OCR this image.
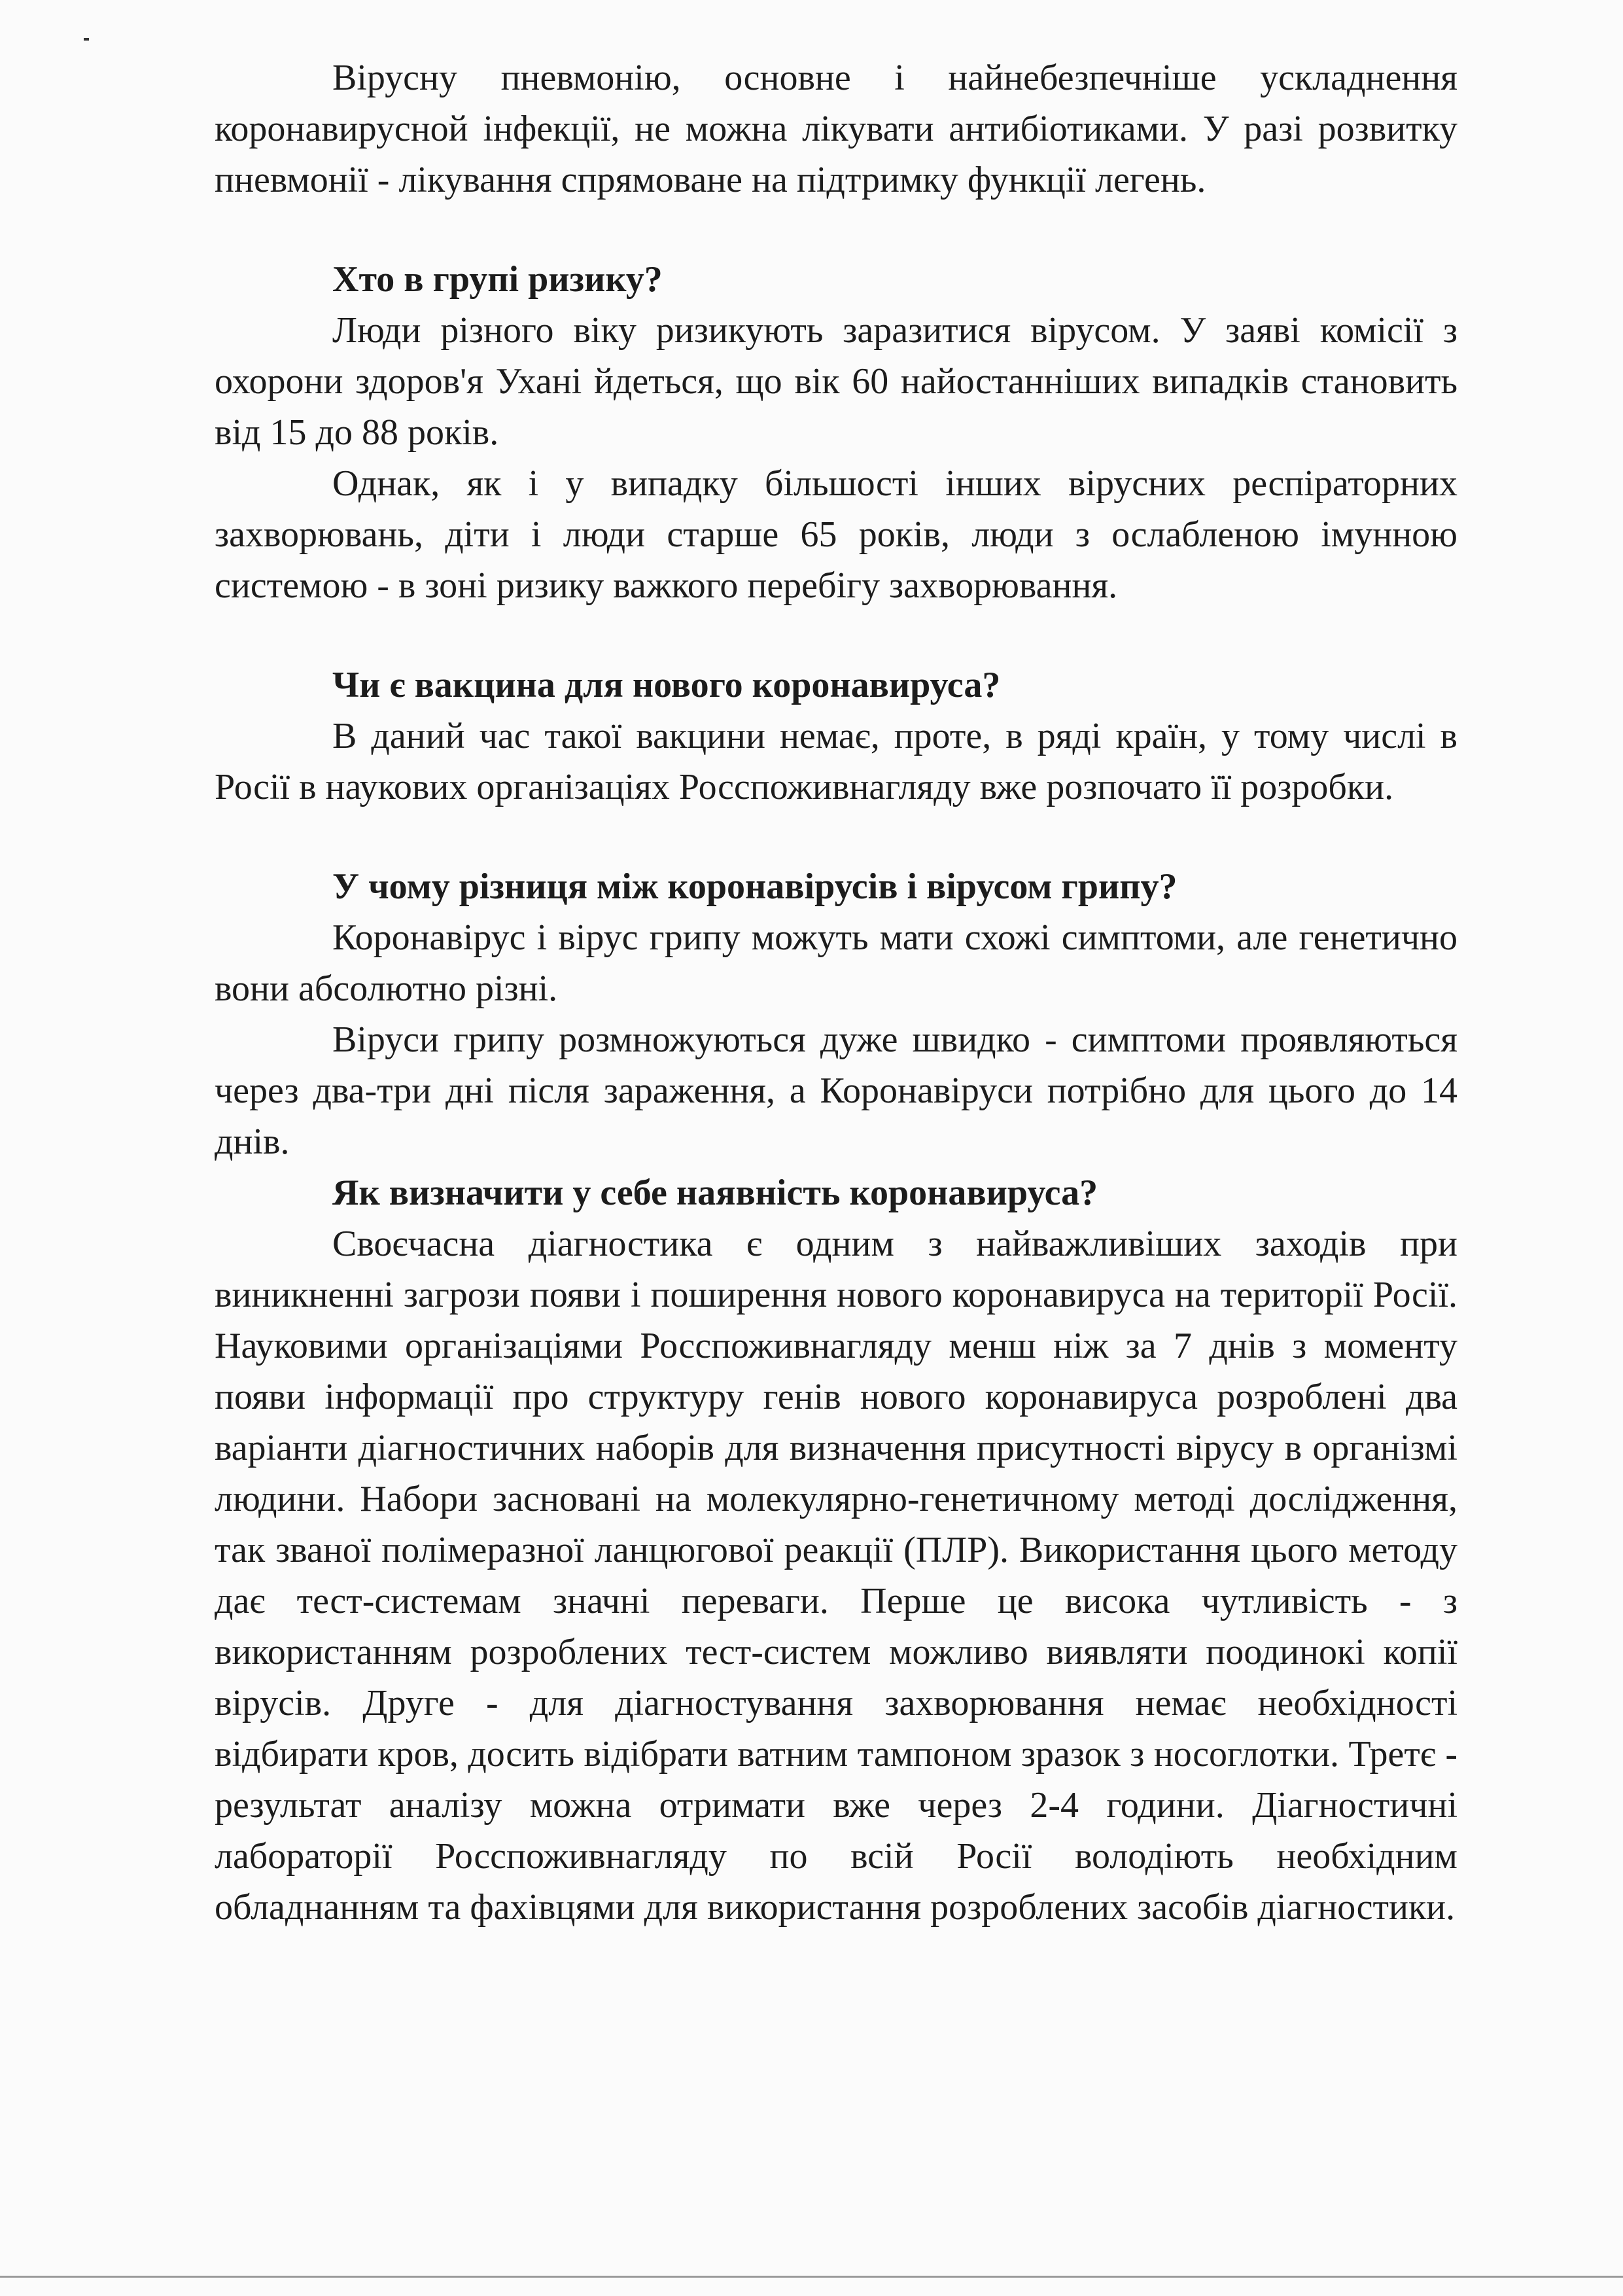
Вірусну пневмонію, основне і найнебезпечніше ускладнення коронавирусной інфекції, не можна лікувати антибіотиками. У разі розвитку пневмонії - лікування спрямоване на підтримку функції легень.

Хто в групі ризику?

Люди різного віку ризикують заразитися вірусом. У заяві комісії з охорони здоров'я Ухані йдеться, що вік 60 найостанніших випадків становить від 15 до 88 років.

Однак, як і у випадку більшості інших вірусних респіраторних захворювань, діти і люди старше 65 років, люди з ослабленою імунною системою - в зоні ризику важкого перебігу захворювання.

Чи є вакцина для нового коронавируса?

В даний час такої вакцини немає, проте, в ряді країн, у тому числі в Росії в наукових організаціях Росспоживнагляду вже розпочато її розробки.

У чому різниця між коронавірусів і вірусом грипу?

Коронавірус і вірус грипу можуть мати схожі симптоми, але генетично вони абсолютно різні.

Віруси грипу розмножуються дуже швидко - симптоми проявляються через два-три дні після зараження, а Коронавіруси потрібно для цього до 14 днів.

Як визначити у себе наявність коронавируса?

Своєчасна діагностика є одним з найважливіших заходів при виникненні загрози появи і поширення нового коронавируса на території Росії. Науковими організаціями Росспоживнагляду менш ніж за 7 днів з моменту появи інформації про структуру генів нового коронавируса розроблені два варіанти діагностичних наборів для визначення присутності вірусу в організмі людини. Набори засновані на молекулярно-генетичному методі дослідження, так званої полімеразної ланцюгової реакції (ПЛР). Використання цього методу дає тест-системам значні переваги. Перше це висока чутливість - з використанням розроблених тест-систем можливо виявляти поодинокі копії вірусів. Друге - для діагностування захворювання немає необхідності відбирати кров, досить відібрати ватним тампоном зразок з носоглотки. Третє - результат аналізу можна отримати вже через 2-4 години. Діагностичні лабораторії Росспоживнагляду по всій Росії володіють необхідним обладнанням та фахівцями для використання розроблених засобів діагностики.
